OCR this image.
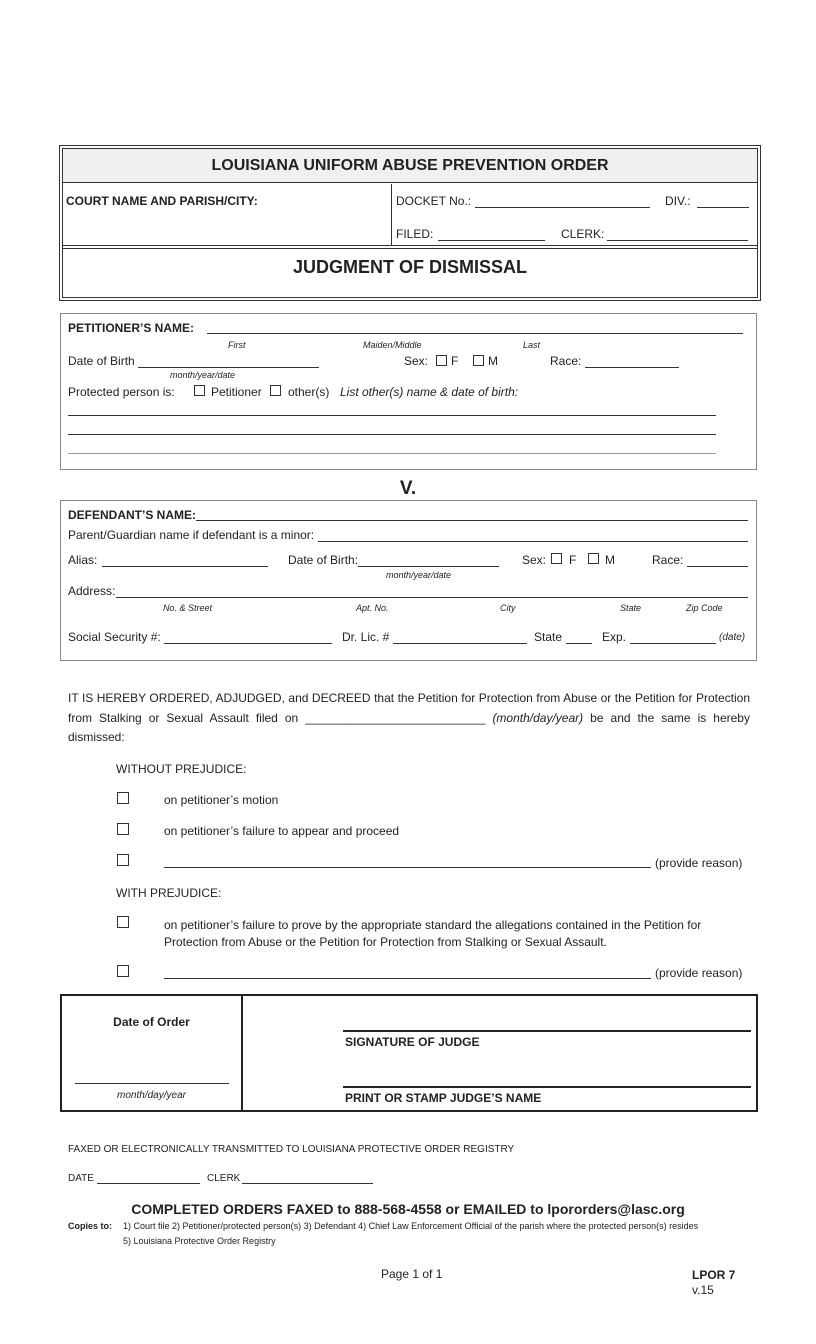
LOUISIANA UNIFORM ABUSE PREVENTION ORDER
COURT NAME AND PARISH/CITY:	DOCKET No.:	DIV.:
FILED:	CLERK:
JUDGMENT OF DISMISSAL
PETITIONER’S NAME:
First	Maiden/Middle	Last
Date of Birth
month/year/date
Sex: F M	Race:
Protected person is:	Petitioner other(s) List other(s) name & date of birth:
V.
DEFENDANT’S NAME:
Parent/Guardian name if defendant is a minor:
Alias:	Date of Birth:
month/year/date
Sex: F M	Race:
Address:
No. & Street	Apt. No.	City	State	Zip Code
Social Security #:	Dr. Lic. #	State	Exp.	(date)
IT IS HEREBY ORDERED, ADJUDGED, and DECREED that the Petition for Protection from Abuse or the Petition for Protection from Stalking or Sexual Assault filed on ___________________________ (month/day/year) be and the same is hereby dismissed:
WITHOUT PREJUDICE:
on petitioner’s motion
on petitioner’s failure to appear and proceed
(provide reason)
WITH PREJUDICE:
on petitioner’s failure to prove by the appropriate standard the allegations contained in the Petition for
Protection from Abuse or the Petition for Protection from Stalking or Sexual Assault.
(provide reason)
Date of Order
month/day/year
SIGNATURE OF JUDGE
PRINT OR STAMP JUDGE’S NAME
FAXED OR ELECTRONICALLY TRANSMITTED TO LOUISIANA PROTECTIVE ORDER REGISTRY
DATE	CLERK
COMPLETED ORDERS FAXED to 888-568-4558 or EMAILED to lpororders@lasc.org
Copies to: 1) Court file 2) Petitioner/protected person(s) 3) Defendant 4) Chief Law Enforcement Official of the parish where the protected person(s) resides
5) Louisiana Protective Order Registry
Page 1 of 1	LPOR 7
v.15
